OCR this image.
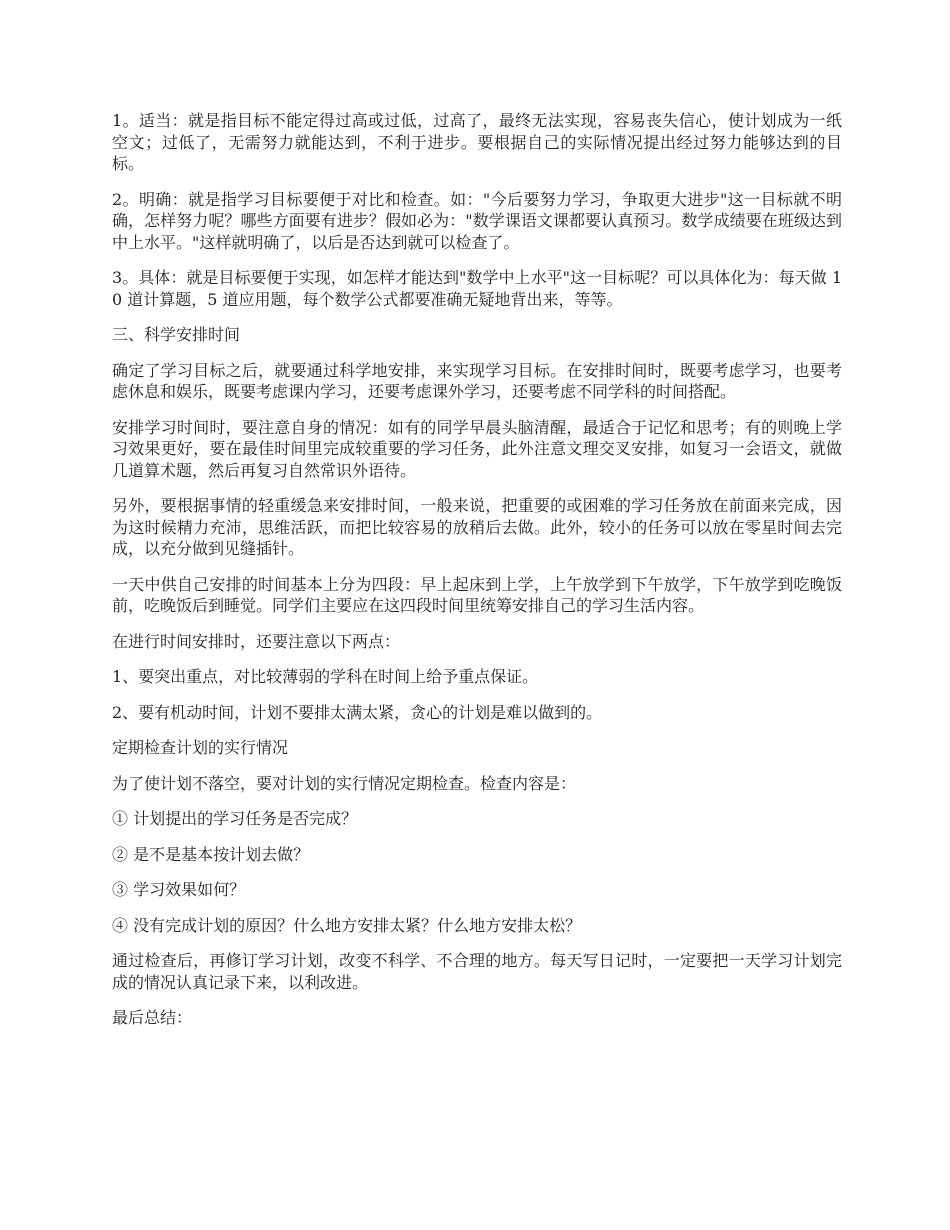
1。适当：就是指目标不能定得过高或过低，过高了，最终无法实现，容易丧失信心，使计划成为一纸空文；过低了，无需努力就能达到，不利于进步。要根据自己的实际情况提出经过努力能够达到的目标。

2。明确：就是指学习目标要便于对比和检查。如："今后要努力学习，争取更大进步"这一目标就不明确，怎样努力呢？哪些方面要有进步？假如必为："数学课语文课都要认真预习。数学成绩要在班级达到中上水平。"这样就明确了，以后是否达到就可以检查了。

3。具体：就是目标要便于实现，如怎样才能达到"数学中上水平"这一目标呢？可以具体化为：每天做 10 道计算题，5 道应用题，每个数学公式都要准确无疑地背出来，等等。

三、科学安排时间

确定了学习目标之后，就要通过科学地安排，来实现学习目标。在安排时间时，既要考虑学习，也要考虑休息和娱乐，既要考虑课内学习，还要考虑课外学习，还要考虑不同学科的时间搭配。

安排学习时间时，要注意自身的情况：如有的同学早晨头脑清醒，最适合于记忆和思考；有的则晚上学习效果更好，要在最佳时间里完成较重要的学习任务，此外注意文理交叉安排，如复习一会语文，就做几道算术题，然后再复习自然常识外语待。

另外，要根据事情的轻重缓急来安排时间，一般来说，把重要的或困难的学习任务放在前面来完成，因为这时候精力充沛，思维活跃，而把比较容易的放稍后去做。此外，较小的任务可以放在零星时间去完成，以充分做到见缝插针。

一天中供自己安排的时间基本上分为四段：早上起床到上学，上午放学到下午放学，下午放学到吃晚饭前，吃晚饭后到睡觉。同学们主要应在这四段时间里统筹安排自己的学习生活内容。

在进行时间安排时，还要注意以下两点：

1、要突出重点，对比较薄弱的学科在时间上给予重点保证。

2、要有机动时间，计划不要排太满太紧，贪心的计划是难以做到的。

定期检查计划的实行情况

为了使计划不落空，要对计划的实行情况定期检查。检查内容是：

① 计划提出的学习任务是否完成？

② 是不是基本按计划去做？

③ 学习效果如何？

④ 没有完成计划的原因？什么地方安排太紧？什么地方安排太松？

通过检查后，再修订学习计划，改变不科学、不合理的地方。每天写日记时，一定要把一天学习计划完成的情况认真记录下来，以利改进。

最后总结：
